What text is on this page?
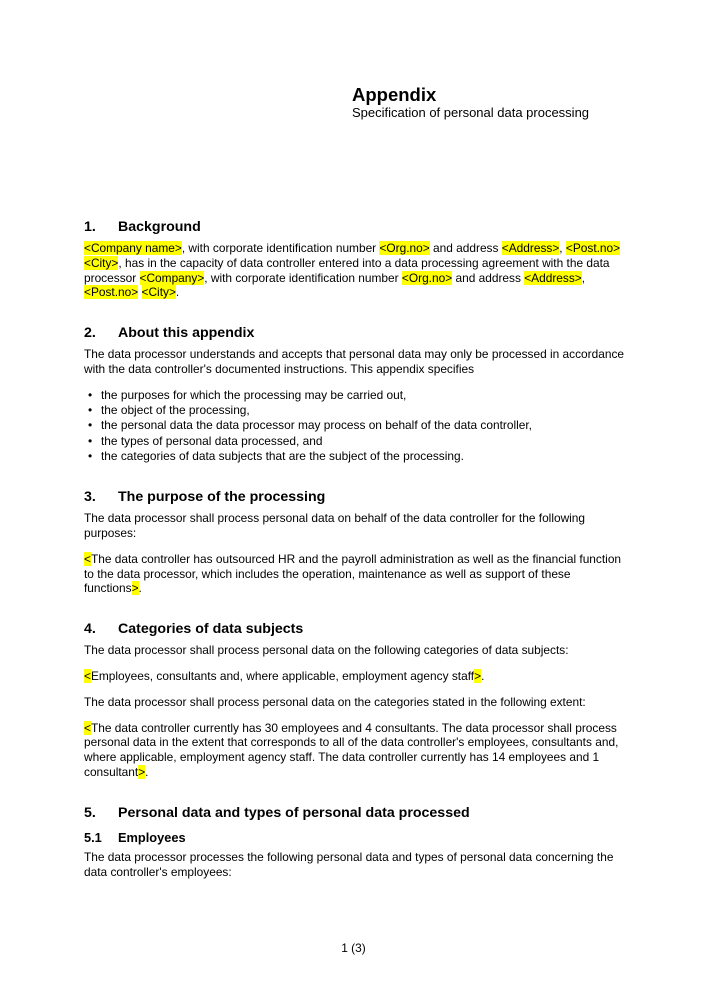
Appendix
Specification of personal data processing
1.	Background

<Company name>, with corporate identification number <Org.no> and address <Address>, <Post.no> <City>, has in the capacity of data controller entered into a data processing agreement with the data processor <Company>, with corporate identification number <Org.no> and address <Address>, <Post.no> <City>.

2.	About this appendix

The data processor understands and accepts that personal data may only be processed in accordance with the data controller's documented instructions. This appendix specifies

• the purposes for which the processing may be carried out,
• the object of the processing,
• the personal data the data processor may process on behalf of the data controller,
• the types of personal data processed, and
• the categories of data subjects that are the subject of the processing.
3.	The purpose of the processing

The data processor shall process personal data on behalf of the data controller for the following purposes:

<The data controller has outsourced HR and the payroll administration as well as the financial function to the data processor, which includes the operation, maintenance as well as support of these functions>.

4.	Categories of data subjects

The data processor shall process personal data on the following categories of data subjects:

<Employees, consultants and, where applicable, employment agency staff>.

The data processor shall process personal data on the categories stated in the following extent:

<The data controller currently has 30 employees and 4 consultants. The data processor shall process personal data in the extent that corresponds to all of the data controller's employees, consultants and, where applicable, employment agency staff. The data controller currently has 14 employees and 1 consultant>.

5.	Personal data and types of personal data processed
5.1	Employees

The data processor processes the following personal data and types of personal data concerning the data controller's employees:

1 (3)
